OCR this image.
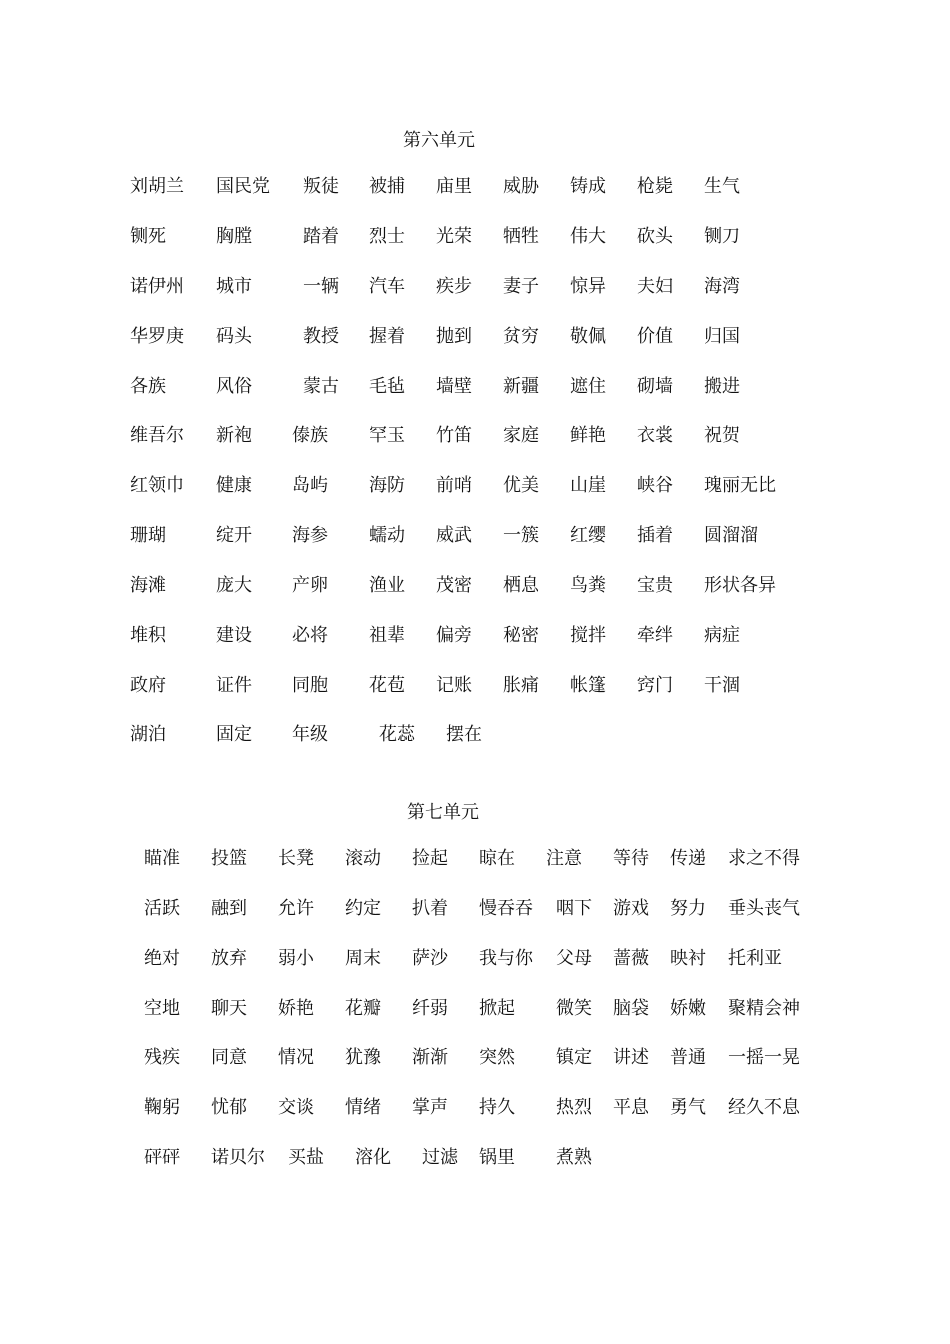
第六单元
刘胡兰 国民党 叛徒 被捕 庙里 威胁 铸成 枪毙 生气
铡死	胸膛	踏着 烈士 光荣 牺牲 伟大 砍头 铡刀
诺伊州 城市	一辆 汽车 疾步 妻子 惊异 夫妇 海湾
华罗庚 码头	教授 握着 抛到 贫穷 敬佩 价值 归国
各族	风俗	蒙古 毛毡 墙壁 新疆 遮住 砌墙 搬进
维吾尔 新袍 傣族 罕玉 竹笛 家庭 鲜艳 衣裳 祝贺
红领巾 健康 岛屿 海防 前哨 优美 山崖 峡谷 瑰丽无比
珊瑚	绽开 海参 蠕动 威武 一簇 红缨 插着 圆溜溜
海滩	庞大 产卵 渔业 茂密 栖息 鸟粪 宝贵 形状各异
堆积	建设 必将 祖辈 偏旁 秘密 搅拌 牵绊 病症
政府	证件 同胞 花苞 记账 胀痛 帐篷 窍门 干涸
湖泊	固定 年级	花蕊 摆在
第七单元
瞄准 投篮 长凳 滚动 捡起 晾在 注意 等待 传递 求之不得
活跃 融到 允许 约定 扒着 慢吞吞 咽下 游戏 努力 垂头丧气
绝对 放弃 弱小 周末 萨沙 我与你 父母 蔷薇 映衬 托利亚
空地 聊天 娇艳 花瓣 纤弱 掀起 微笑 脑袋 娇嫩 聚精会神
残疾 同意 情况 犹豫 渐渐 突然 镇定 讲述 普通 一摇一晃
鞠躬 忧郁 交谈 情绪 掌声 持久 热烈 平息 勇气 经久不息
砰砰 诺贝尔 买盐 溶化 过滤 锅里 煮熟
